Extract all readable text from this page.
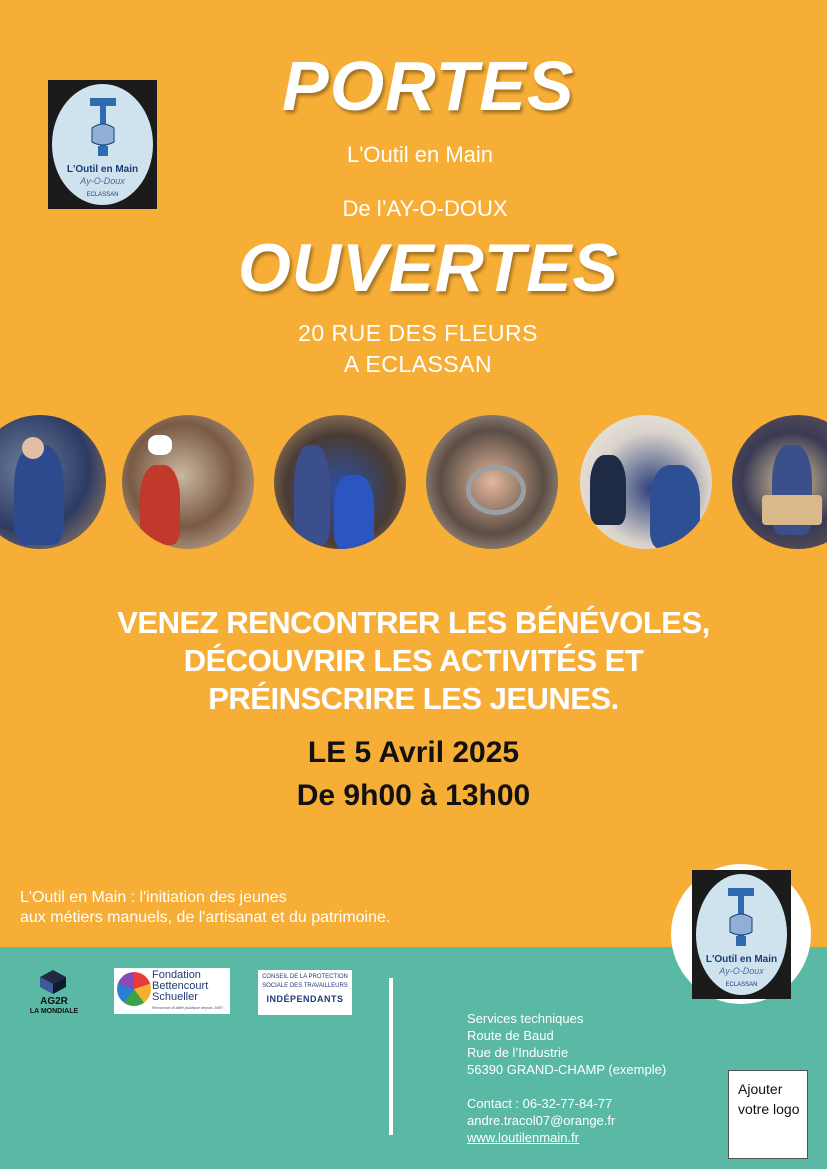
L'Outil en Main
Ay-O-Doux
ECLASSAN
PORTES
L'Outil en Main
De l’AY-O-DOUX
OUVERTES
20 RUE DES FLEURS
A ECLASSAN
VENEZ RENCONTRER LES BÉNÉVOLES,
DÉCOUVRIR LES ACTIVITÉS ET
PRÉINSCRIRE LES JEUNES.
LE 5 Avril 2025
De 9h00 à 13h00
L'Outil en Main : l'initiation des jeunes
aux métiers manuels, de l'artisanat et du patrimoine.
L'Outil en Main
Ay-O-Doux
ECLASSAN
AG2R
LA MONDIALE
Fondation
Bettencourt
Schueller
Reconnue d'utilité publique depuis 1987
CONSEIL DE LA PROTECTION
SOCIALE DES TRAVAILLEURS
INDÉPENDANTS
Services techniques
Route de Baud
Rue de l’Industrie
56390 GRAND-CHAMP (exemple)
Contact : 06-32-77-84-77
andre.tracol07@orange.fr
www.loutilenmain.fr
Ajouter votre logo
